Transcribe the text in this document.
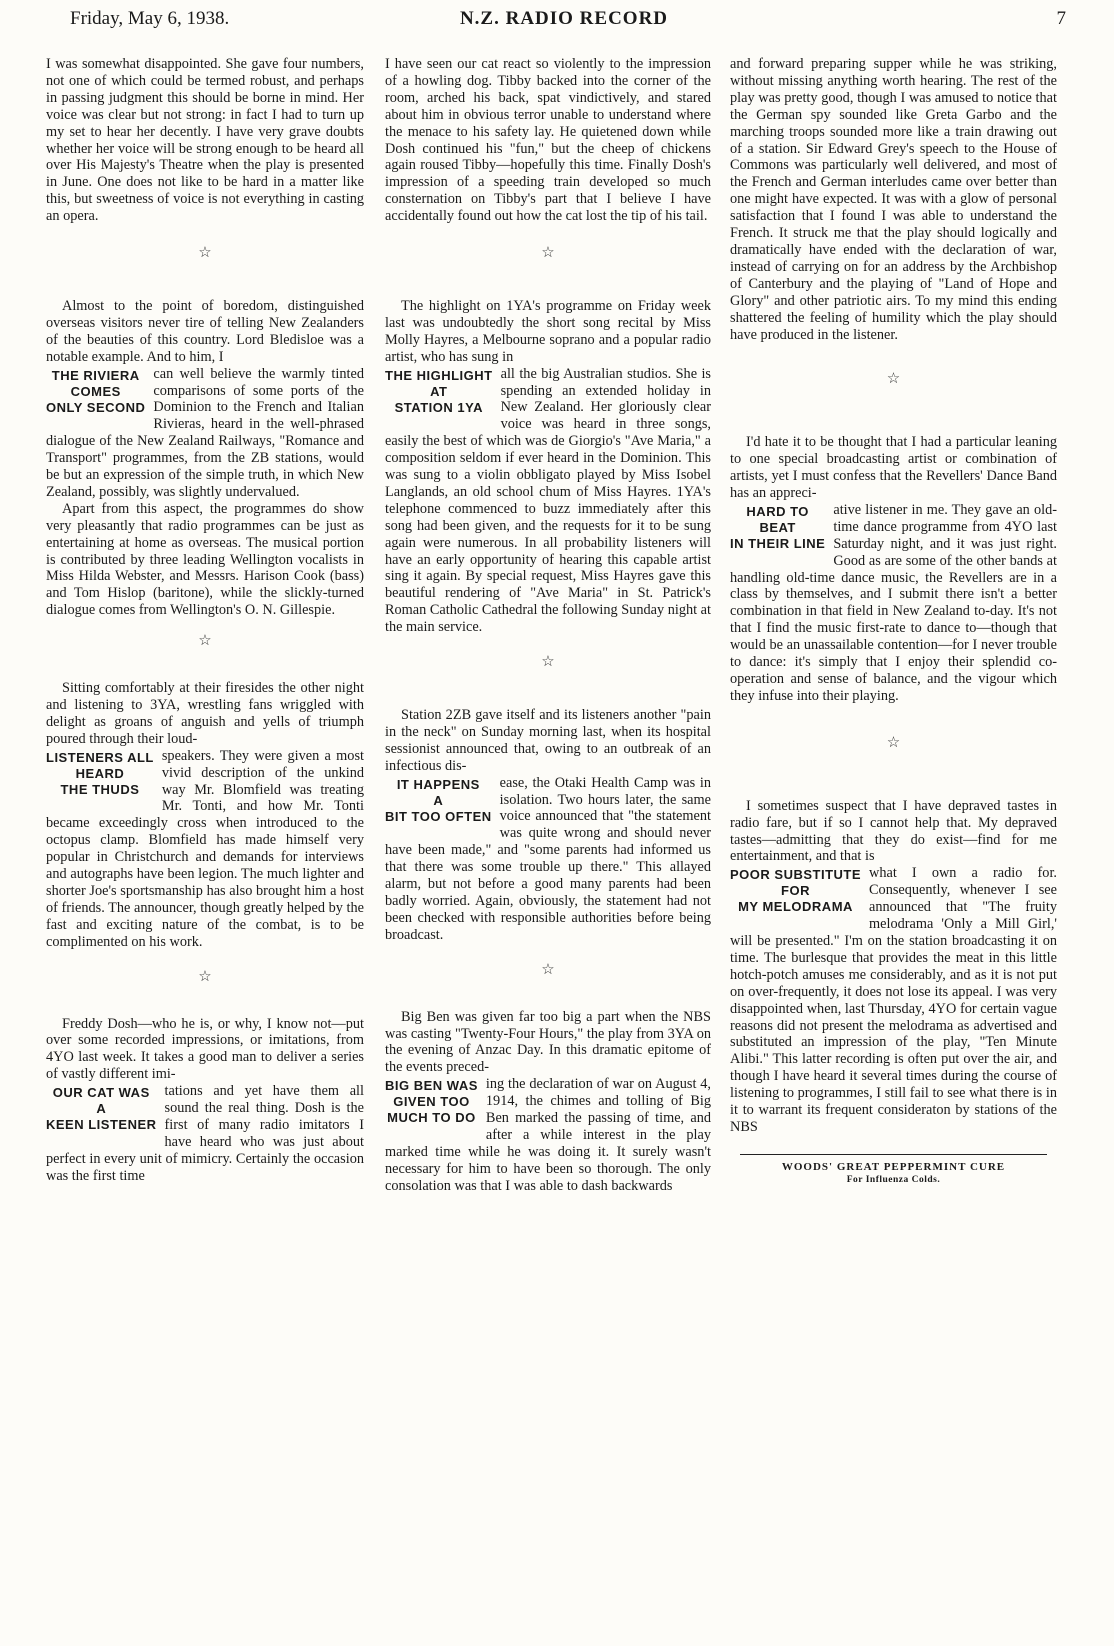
Friday, May 6, 1938.	N.Z. RADIO RECORD	7

I was somewhat disappointed. She gave four numbers, not one of which could be termed robust, and perhaps in passing judgment this should be borne in mind. Her voice was clear but not strong: in fact I had to turn up my set to hear her decently. I have very grave doubts whether her voice will be strong enough to be heard all over His Majesty's Theatre when the play is presented in June. One does not like to be hard in a matter like this, but sweetness of voice is not everything in casting an opera.

☆

Almost to the point of boredom, distinguished overseas visitors never tire of telling New Zealanders of the beauties of this country. Lord Bledisloe was a notable example. And to him, I

THE RIVIERA
COMES
ONLY SECOND

can well believe the warmly tinted comparisons of some ports of the Dominion to the French and Italian Rivieras, heard in the well-phrased dialogue of the New Zealand Railways, "Romance and Transport" programmes, from the ZB stations, would be but an expression of the simple truth, in which New Zealand, possibly, was slightly undervalued.

Apart from this aspect, the programmes do show very pleasantly that radio programmes can be just as entertaining at home as overseas. The musical portion is contributed by three leading Wellington vocalists in Miss Hilda Webster, and Messrs. Harison Cook (bass) and Tom Hislop (baritone), while the slickly-turned dialogue comes from Wellington's O. N. Gillespie.

☆

Sitting comfortably at their firesides the other night and listening to 3YA, wrestling fans wriggled with delight as groans of anguish and yells of triumph poured through their loud-

LISTENERS ALL
HEARD
THE THUDS

speakers. They were given a most vivid description of the unkind way Mr. Blomfield was treating Mr. Tonti, and how Mr. Tonti became exceedingly cross when introduced to the octopus clamp. Blomfield has made himself very popular in Christchurch and demands for interviews and autographs have been legion. The much lighter and shorter Joe's sportsmanship has also brought him a host of friends. The announcer, though greatly helped by the fast and exciting nature of the combat, is to be complimented on his work.

☆

Freddy Dosh—who he is, or why, I know not—put over some recorded impressions, or imitations, from 4YO last week. It takes a good man to deliver a series of vastly different imi-

OUR CAT WAS
A
KEEN LISTENER

tations and yet have them all sound the real thing. Dosh is the first of many radio imitators I have heard who was just about perfect in every unit of mimicry. Certainly the occasion was the first time

I have seen our cat react so violently to the impression of a howling dog. Tibby backed into the corner of the room, arched his back, spat vindictively, and stared about him in obvious terror unable to understand where the menace to his safety lay. He quietened down while Dosh continued his "fun," but the cheep of chickens again roused Tibby—hopefully this time. Finally Dosh's impression of a speeding train developed so much consternation on Tibby's part that I believe I have accidentally found out how the cat lost the tip of his tail.

☆

The highlight on 1YA's programme on Friday week last was undoubtedly the short song recital by Miss Molly Hayres, a Melbourne soprano and a popular radio artist, who has sung in

THE HIGHLIGHT
AT
STATION 1YA

all the big Australian studios. She is spending an extended holiday in New Zealand. Her gloriously clear voice was heard in three songs, easily the best of which was de Giorgio's "Ave Maria," a composition seldom if ever heard in the Dominion. This was sung to a violin obbligato played by Miss Isobel Langlands, an old school chum of Miss Hayres. 1YA's telephone commenced to buzz immediately after this song had been given, and the requests for it to be sung again were numerous. In all probability listeners will have an early opportunity of hearing this capable artist sing it again. By special request, Miss Hayres gave this beautiful rendering of "Ave Maria" in St. Patrick's Roman Catholic Cathedral the following Sunday night at the main service.

☆

Station 2ZB gave itself and its listeners another "pain in the neck" on Sunday morning last, when its hospital sessionist announced that, owing to an outbreak of an infectious dis-

IT HAPPENS
A
BIT TOO OFTEN

ease, the Otaki Health Camp was in isolation. Two hours later, the same voice announced that "the statement was quite wrong and should never have been made," and "some parents had informed us that there was some trouble up there." This allayed alarm, but not before a good many parents had been badly worried. Again, obviously, the statement had not been checked with responsible authorities before being broadcast.

☆

Big Ben was given far too big a part when the NBS was casting "Twenty-Four Hours," the play from 3YA on the evening of Anzac Day. In this dramatic epitome of the events preced-

BIG BEN WAS
GIVEN TOO
MUCH TO DO

ing the declaration of war on August 4, 1914, the chimes and tolling of Big Ben marked the passing of time, and after a while interest in the play marked time while he was doing it. It surely wasn't necessary for him to have been so thorough. The only consolation was that I was able to dash backwards

and forward preparing supper while he was striking, without missing anything worth hearing. The rest of the play was pretty good, though I was amused to notice that the German spy sounded like Greta Garbo and the marching troops sounded more like a train drawing out of a station. Sir Edward Grey's speech to the House of Commons was particularly well delivered, and most of the French and German interludes came over better than one might have expected. It was with a glow of personal satisfaction that I found I was able to understand the French. It struck me that the play should logically and dramatically have ended with the declaration of war, instead of carrying on for an address by the Archbishop of Canterbury and the playing of "Land of Hope and Glory" and other patriotic airs. To my mind this ending shattered the feeling of humility which the play should have produced in the listener.

☆

I'd hate it to be thought that I had a particular leaning to one special broadcasting artist or combination of artists, yet I must confess that the Revellers' Dance Band has an appreci-

HARD TO
BEAT
IN THEIR LINE

ative listener in me. They gave an old-time dance programme from 4YO last Saturday night, and it was just right. Good as are some of the other bands at handling old-time dance music, the Revellers are in a class by themselves, and I submit there isn't a better combination in that field in New Zealand to-day. It's not that I find the music first-rate to dance to—though that would be an unassailable contention—for I never trouble to dance: it's simply that I enjoy their splendid co-operation and sense of balance, and the vigour which they infuse into their playing.

☆

I sometimes suspect that I have depraved tastes in radio fare, but if so I cannot help that. My depraved tastes—admitting that they do exist—find for me entertainment, and that is

POOR SUBSTITUTE
FOR
MY MELODRAMA

what I own a radio for. Consequently, whenever I see announced that "The fruity melodrama 'Only a Mill Girl,' will be presented." I'm on the station broadcasting it on time. The burlesque that provides the meat in this little hotch-potch amuses me considerably, and as it is not put on over-frequently, it does not lose its appeal. I was very disappointed when, last Thursday, 4YO for certain vague reasons did not present the melodrama as advertised and substituted an impression of the play, "Ten Minute Alibi." This latter recording is often put over the air, and though I have heard it several times during the course of listening to programmes, I still fail to see what there is in it to warrant its frequent consideraton by stations of the NBS

WOODS' GREAT PEPPERMINT CURE
For Influenza Colds.
